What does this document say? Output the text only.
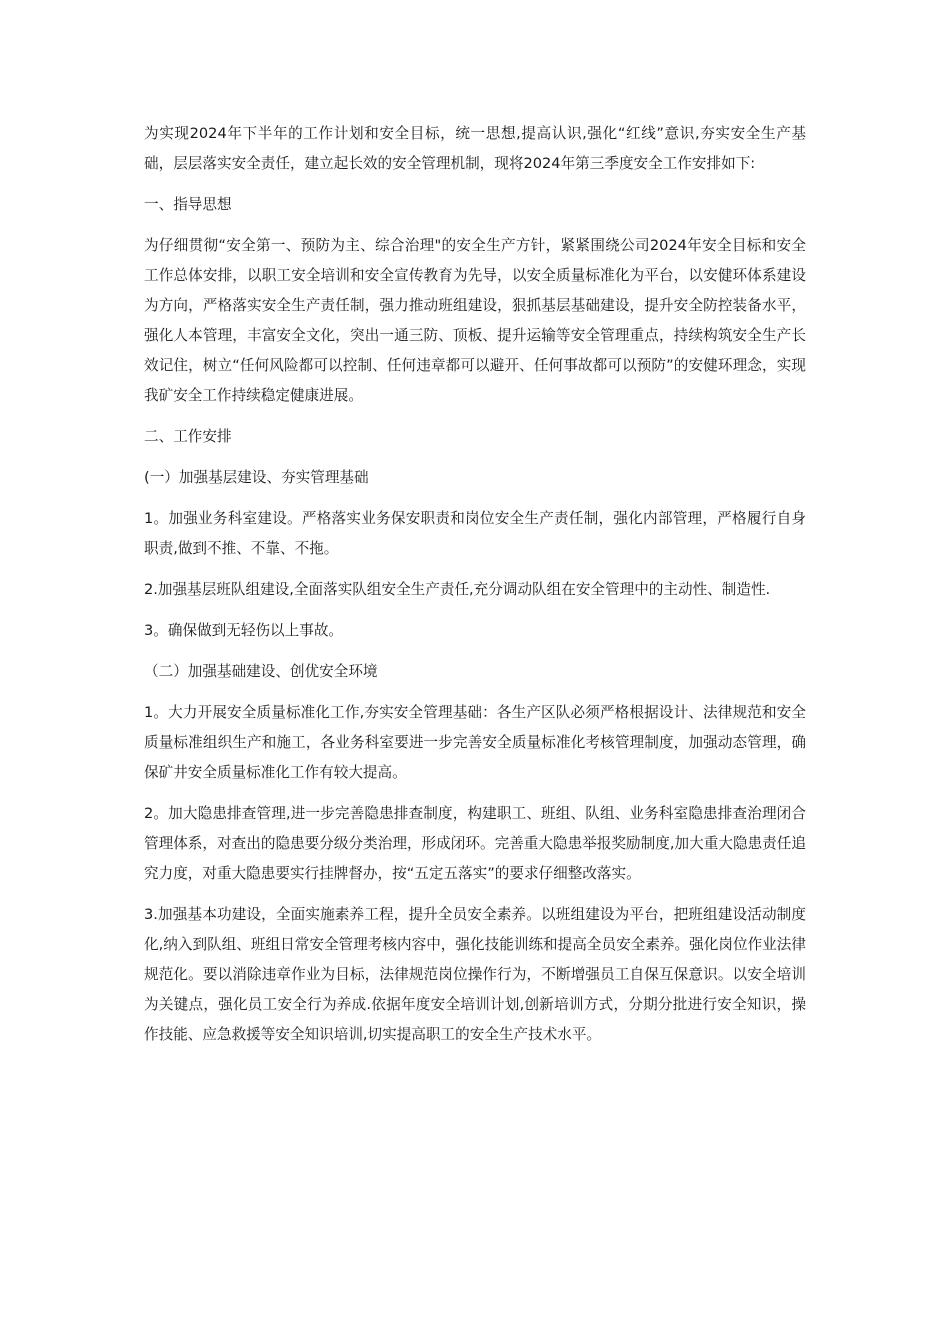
为实现2024年下半年的工作计划和安全目标，统一思想,提高认识,强化“红线”意识,夯实安全生产基础，层层落实安全责任，建立起长效的安全管理机制，现将2024年第三季度安全工作安排如下:

一、指导思想

为仔细贯彻“安全第一、预防为主、综合治理"的安全生产方针，紧紧围绕公司2024年安全目标和安全工作总体安排，以职工安全培训和安全宣传教育为先导，以安全质量标准化为平台，以安健环体系建设为方向，严格落实安全生产责任制，强力推动班组建设，狠抓基层基础建设，提升安全防控装备水平，强化人本管理，丰富安全文化，突出一通三防、顶板、提升运输等安全管理重点，持续构筑安全生产长效记住，树立“任何风险都可以控制、任何违章都可以避开、任何事故都可以预防”的安健环理念，实现我矿安全工作持续稳定健康进展。

二、工作安排

(一）加强基层建设、夯实管理基础

1。加强业务科室建设。严格落实业务保安职责和岗位安全生产责任制，强化内部管理，严格履行自身职责,做到不推、不靠、不拖。

2.加强基层班队组建设,全面落实队组安全生产责任,充分调动队组在安全管理中的主动性、制造性.

3。确保做到无轻伤以上事故。

（二）加强基础建设、创优安全环境

1。大力开展安全质量标准化工作,夯实安全管理基础：各生产区队必须严格根据设计、法律规范和安全质量标准组织生产和施工，各业务科室要进一步完善安全质量标准化考核管理制度，加强动态管理，确保矿井安全质量标准化工作有较大提高。

2。加大隐患排查管理,进一步完善隐患排查制度，构建职工、班组、队组、业务科室隐患排查治理闭合管理体系，对查出的隐患要分级分类治理，形成闭环。完善重大隐患举报奖励制度,加大重大隐患责任追究力度，对重大隐患要实行挂牌督办，按“五定五落实”的要求仔细整改落实。

3.加强基本功建设，全面实施素养工程，提升全员安全素养。以班组建设为平台，把班组建设活动制度化,纳入到队组、班组日常安全管理考核内容中，强化技能训练和提高全员安全素养。强化岗位作业法律规范化。要以消除违章作业为目标，法律规范岗位操作行为，不断增强员工自保互保意识。以安全培训为关键点，强化员工安全行为养成.依据年度安全培训计划,创新培训方式，分期分批进行安全知识，操作技能、应急救援等安全知识培训,切实提高职工的安全生产技术水平。
